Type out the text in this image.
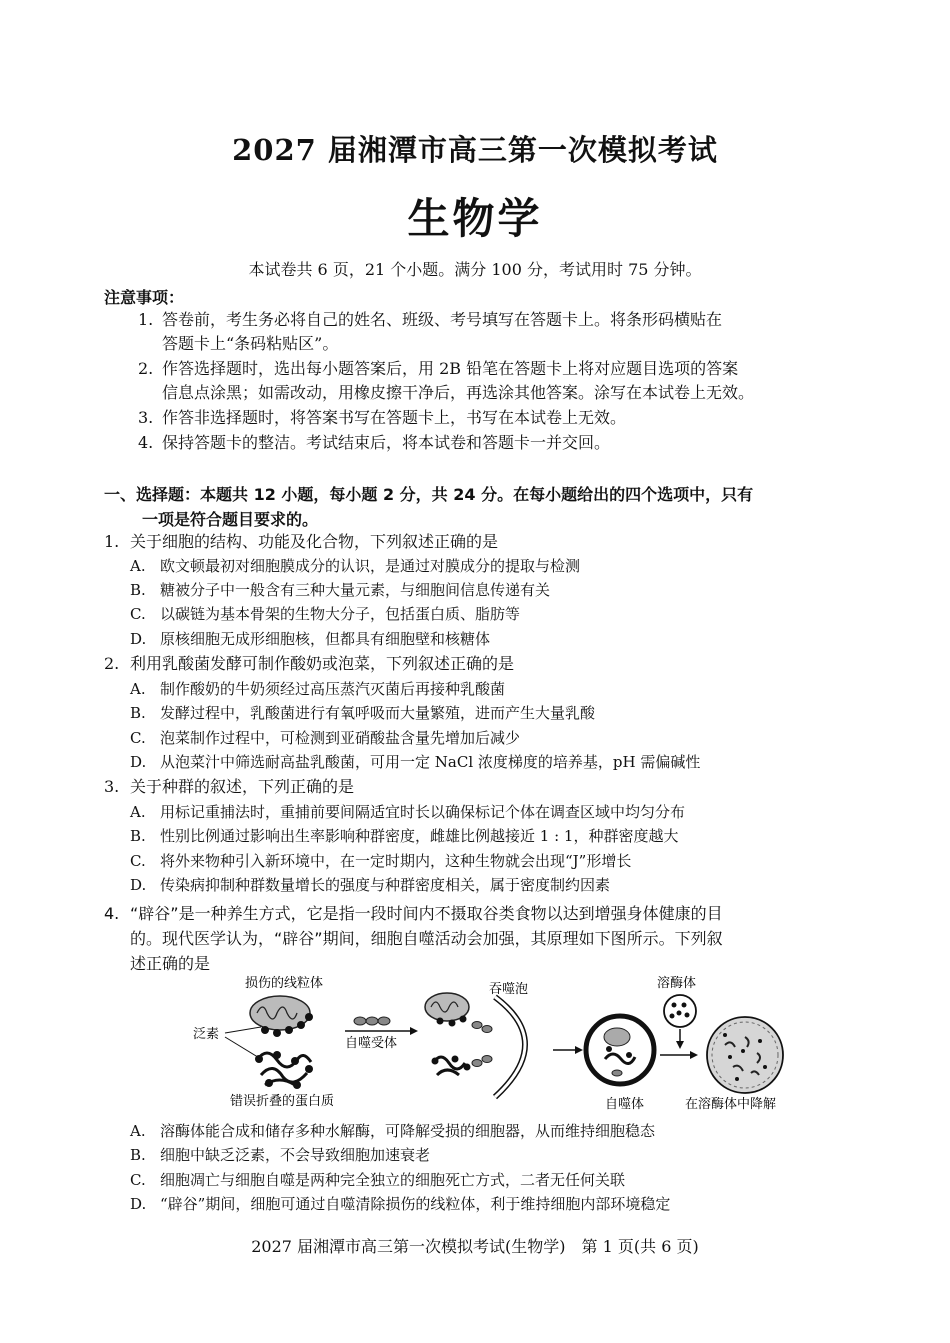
2027 届湘潭市高三第一次模拟考试
生物学
本试卷共 6 页，21 个小题。满分 100 分，考试用时 75 分钟。
注意事项：
1. 答卷前，考生务必将自己的姓名、班级、考号填写在答题卡上。将条形码横贴在
答题卡上“条码粘贴区”。
2. 作答选择题时，选出每小题答案后，用 2B 铅笔在答题卡上将对应题目选项的答案
信息点涂黑；如需改动，用橡皮擦干净后，再选涂其他答案。涂写在本试卷上无效。
3. 作答非选择题时，将答案书写在答题卡上，书写在本试卷上无效。
4. 保持答题卡的整洁。考试结束后，将本试卷和答题卡一并交回。
一、选择题：本题共 12 小题，每小题 2 分，共 24 分。在每小题给出的四个选项中，只有
一项是符合题目要求的。
1. 关于细胞的结构、功能及化合物，下列叙述正确的是
A. 欧文顿最初对细胞膜成分的认识，是通过对膜成分的提取与检测
B. 糖被分子中一般含有三种大量元素，与细胞间信息传递有关
C. 以碳链为基本骨架的生物大分子，包括蛋白质、脂肪等
D. 原核细胞无成形细胞核，但都具有细胞壁和核糖体
2. 利用乳酸菌发酵可制作酸奶或泡菜，下列叙述正确的是
A. 制作酸奶的牛奶须经过高压蒸汽灭菌后再接种乳酸菌
B. 发酵过程中，乳酸菌进行有氧呼吸而大量繁殖，进而产生大量乳酸
C. 泡菜制作过程中，可检测到亚硝酸盐含量先增加后减少
D. 从泡菜汁中筛选耐高盐乳酸菌，可用一定 NaCl 浓度梯度的培养基，pH 需偏碱性
3. 关于种群的叙述，下列正确的是
A. 用标记重捕法时，重捕前要间隔适宜时长以确保标记个体在调查区域中均匀分布
B. 性别比例通过影响出生率影响种群密度，雌雄比例越接近 1 : 1，种群密度越大
C. 将外来物种引入新环境中，在一定时期内，这种生物就会出现“J”形增长
D. 传染病抑制种群数量增长的强度与种群密度相关，属于密度制约因素
4. “辟谷”是一种养生方式，它是指一段时间内不摄取谷类食物以达到增强身体健康的目
的。现代医学认为，“辟谷”期间，细胞自噬活动会加强，其原理如下图所示。下列叙
述正确的是
损伤的线粒体
泛素
自噬受体
错误折叠的蛋白质
吞噬泡	溶酶体
自噬体	在溶酶体中降解
A. 溶酶体能合成和储存多种水解酶，可降解受损的细胞器，从而维持细胞稳态
B. 细胞中缺乏泛素，不会导致细胞加速衰老
C. 细胞凋亡与细胞自噬是两种完全独立的细胞死亡方式，二者无任何关联
D. “辟谷”期间，细胞可通过自噬清除损伤的线粒体，利于维持细胞内部环境稳定
2027 届湘潭市高三第一次模拟考试(生物学)　第 1 页(共 6 页)
